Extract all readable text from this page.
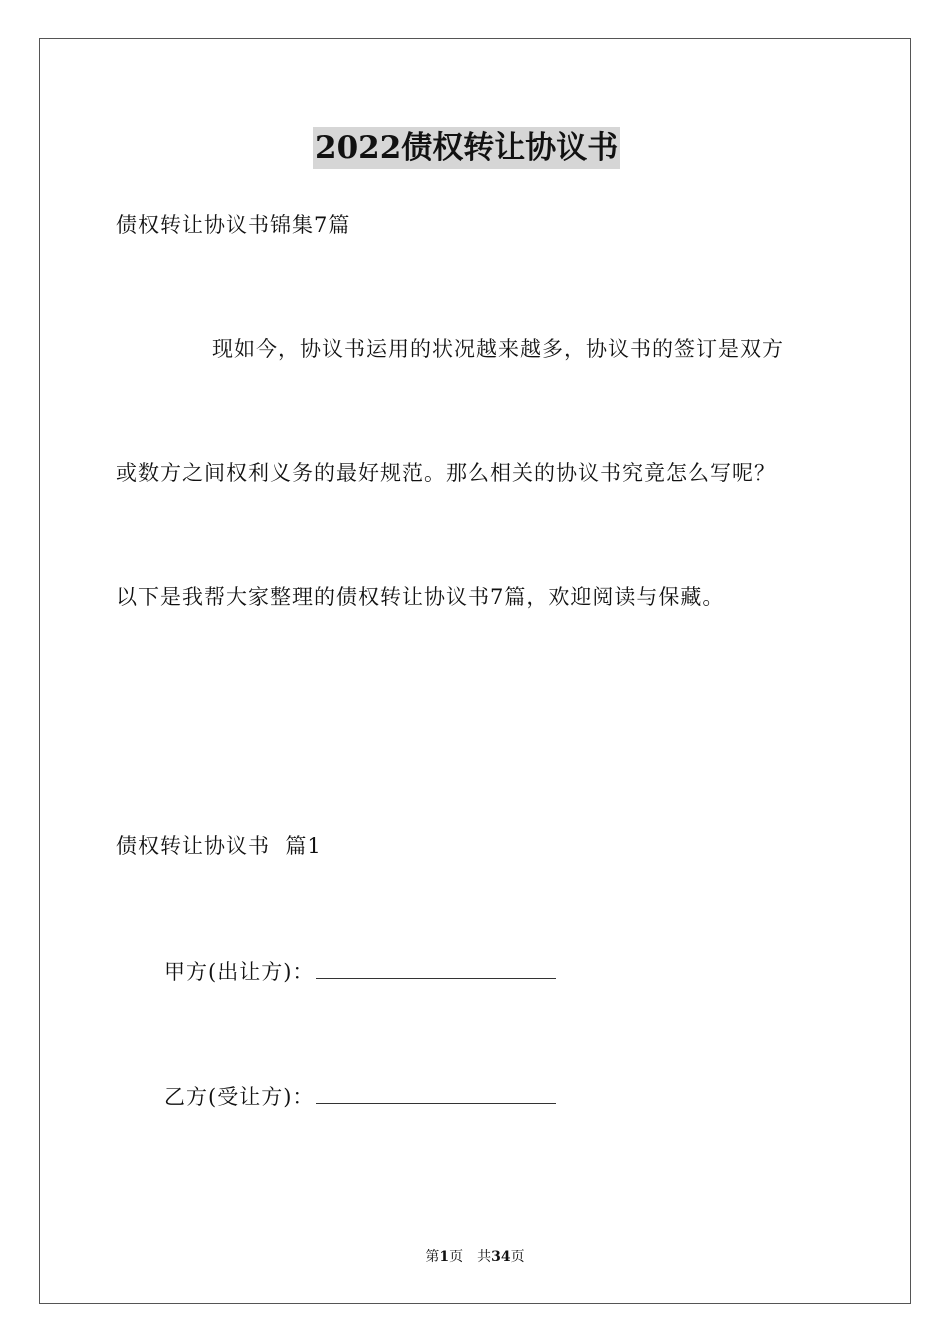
2022债权转让协议书
债权转让协议书锦集7篇
现如今，协议书运用的状况越来越多，协议书的签订是双方
或数方之间权利义务的最好规范。那么相关的协议书究竟怎么写呢？
以下是我帮大家整理的债权转让协议书7篇，欢迎阅读与保藏。
债权转让协议书  篇1
甲方(出让方)：
乙方(受让方)：
第1页 共34页
